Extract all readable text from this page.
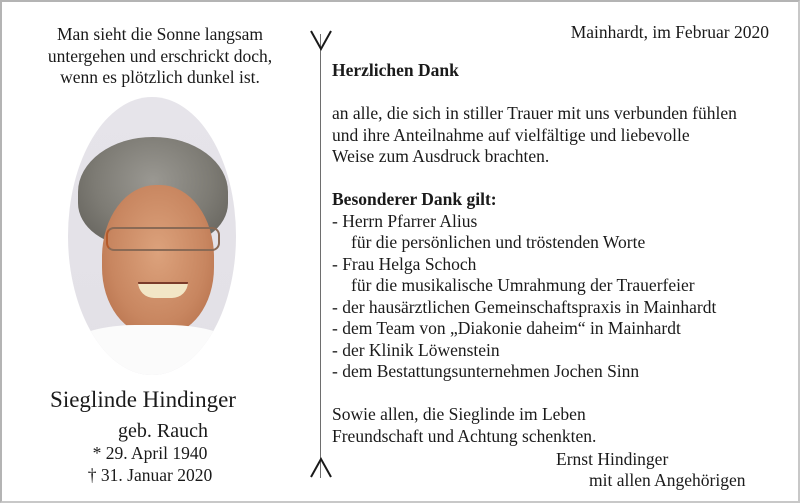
Man sieht die Sonne langsam
untergehen und erschrickt doch,
wenn es plötzlich dunkel ist.
Sieglinde Hindinger
geb. Rauch
* 29. April 1940
† 31. Januar 2020
Mainhardt, im Februar 2020
Herzlichen Dank
an alle, die sich in stiller Trauer mit uns verbunden fühlen
und ihre Anteilnahme auf vielfältige und liebevolle
Weise zum Ausdruck brachten.
Besonderer Dank gilt:
- Herrn Pfarrer Alius
für die persönlichen und tröstenden Worte
- Frau Helga Schoch
für die musikalische Umrahmung der Trauerfeier
- der hausärztlichen Gemeinschaftspraxis in Mainhardt
- dem Team von „Diakonie daheim“ in Mainhardt
- der Klinik Löwenstein
- dem Bestattungsunternehmen Jochen Sinn
Sowie allen, die Sieglinde im Leben
Freundschaft und Achtung schenkten.
Ernst Hindinger
mit allen Angehörigen
